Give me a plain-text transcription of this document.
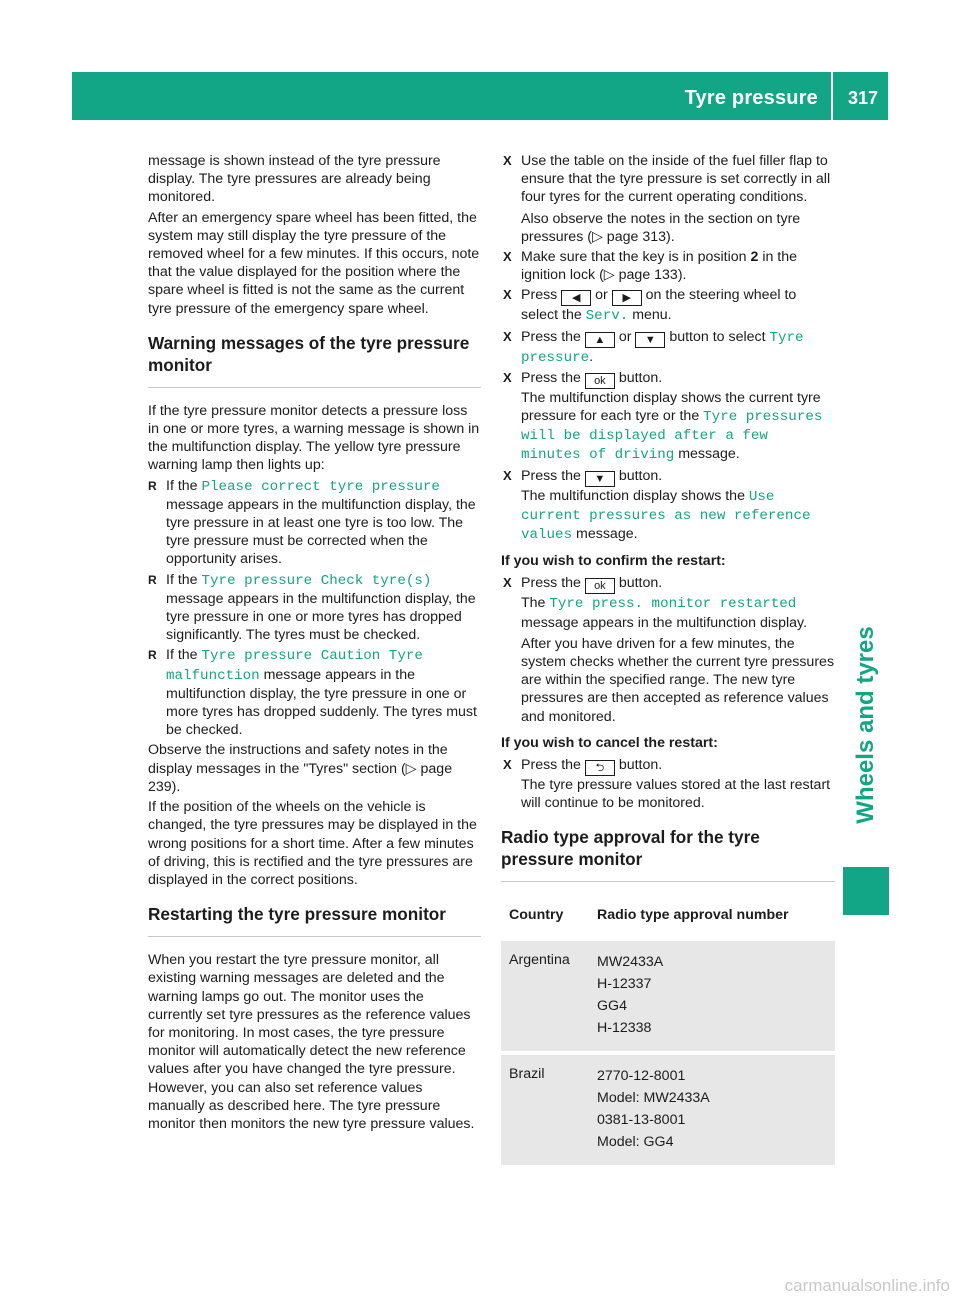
Tyre pressure 317
Wheels and tyres

message is shown instead of the tyre pressure display. The tyre pressures are already being monitored.

After an emergency spare wheel has been fitted, the system may still display the tyre pressure of the removed wheel for a few minutes. If this occurs, note that the value displayed for the position where the spare wheel is fitted is not the same as the current tyre pressure of the emergency spare wheel.

Warning messages of the tyre pressure monitor

If the tyre pressure monitor detects a pressure loss in one or more tyres, a warning message is shown in the multifunction display. The yellow tyre pressure warning lamp then lights up:

R If the Please correct tyre pressure message appears in the multifunction display, the tyre pressure in at least one tyre is too low. The tyre pressure must be corrected when the opportunity arises.
R If the Tyre pressure Check tyre(s) message appears in the multifunction display, the tyre pressure in one or more tyres has dropped significantly. The tyres must be checked.
R If the Tyre pressure Caution Tyre malfunction message appears in the multifunction display, the tyre pressure in one or more tyres has dropped suddenly. The tyres must be checked.

Observe the instructions and safety notes in the display messages in the "Tyres" section (▷ page 239).

If the position of the wheels on the vehicle is changed, the tyre pressures may be displayed in the wrong positions for a short time. After a few minutes of driving, this is rectified and the tyre pressures are displayed in the correct positions.

Restarting the tyre pressure monitor

When you restart the tyre pressure monitor, all existing warning messages are deleted and the warning lamps go out. The monitor uses the currently set tyre pressures as the reference values for monitoring. In most cases, the tyre pressure monitor will automatically detect the new reference values after you have changed the tyre pressure. However, you can also set reference values manually as described here. The tyre pressure monitor then monitors the new tyre pressure values.

X Use the table on the inside of the fuel filler flap to ensure that the tyre pressure is set correctly in all four tyres for the current operating conditions.
Also observe the notes in the section on tyre pressures (▷ page 313).
X Make sure that the key is in position 2 in the ignition lock (▷ page 133).
X Press ◀ or ▶ on the steering wheel to select the Serv. menu.
X Press the ▲ or ▼ button to select Tyre pressure.
X Press the ok button.
The multifunction display shows the current tyre pressure for each tyre or the Tyre pressures will be displayed after a few minutes of driving message.
X Press the ▼ button.
The multifunction display shows the Use current pressures as new reference values message.
If you wish to confirm the restart:
X Press the ok button.
The Tyre press. monitor restarted message appears in the multifunction display.
After you have driven for a few minutes, the system checks whether the current tyre pressures are within the specified range. The new tyre pressures are then accepted as reference values and monitored.
If you wish to cancel the restart:
X Press the ⮌ button.
The tyre pressure values stored at the last restart will continue to be monitored.
Radio type approval for the tyre pressure monitor
Country	Radio type approval number
Argentina	MW2433A
H-12337
GG4
H-12338

Brazil	2770-12-8001
Model: MW2433A
0381-13-8001
Model: GG4
carmanualsonline.info
